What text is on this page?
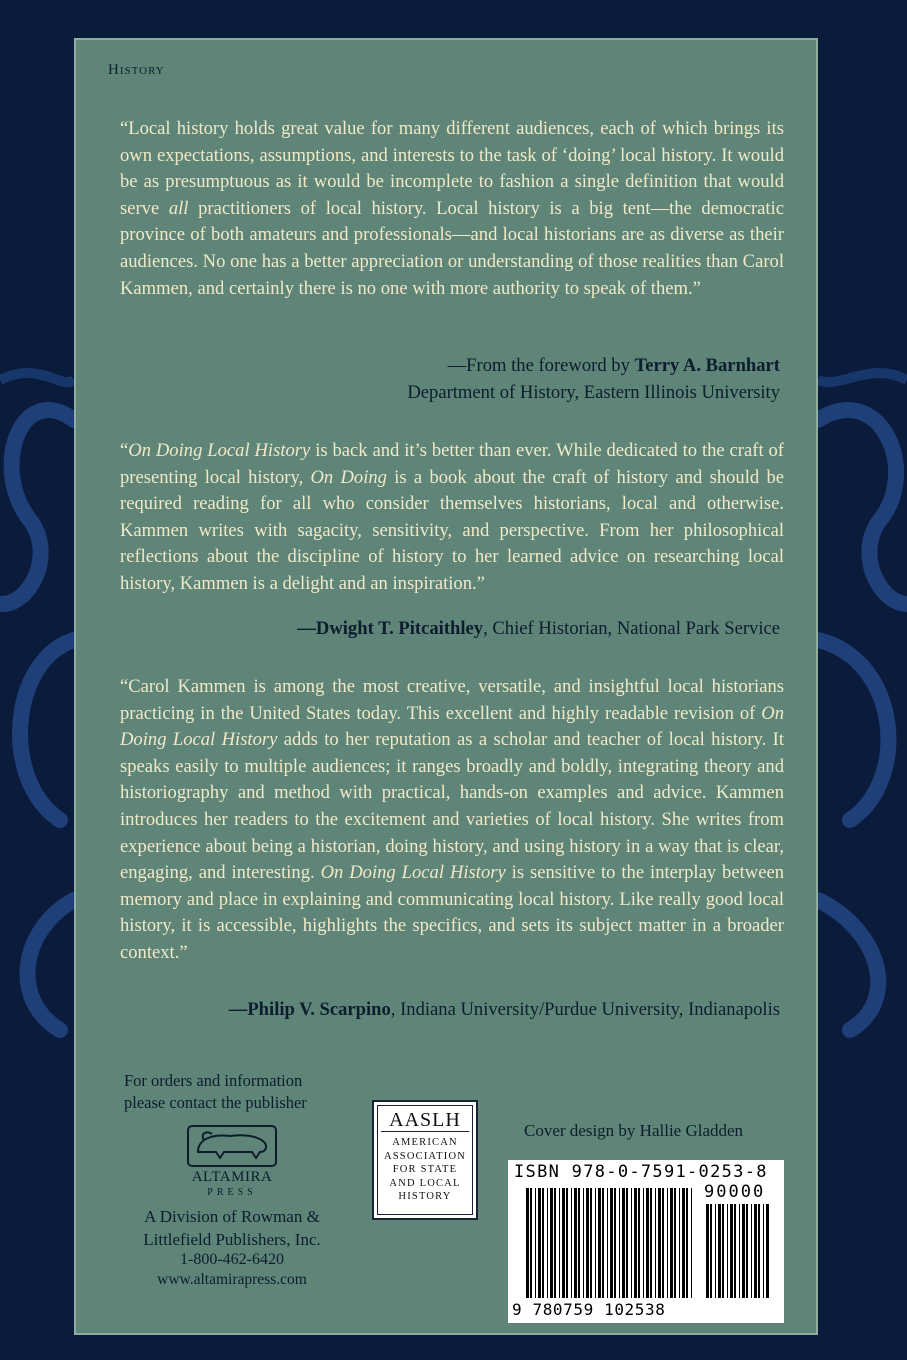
History

“Local history holds great value for many different audiences, each of which brings its own expectations, assumptions, and interests to the task of ‘doing’ local history. It would be as presumptuous as it would be incomplete to fashion a single definition that would serve all practitioners of local history. Local history is a big tent—the democratic province of both amateurs and professionals—and local historians are as diverse as their audiences. No one has a better appreciation or understanding of those realities than Carol Kammen, and certainly there is no one with more authority to speak of them.”

—From the foreword by Terry A. Barnhart
Department of History, Eastern Illinois University

“On Doing Local History is back and it’s better than ever. While dedicated to the craft of presenting local history, On Doing is a book about the craft of history and should be required reading for all who consider themselves historians, local and otherwise. Kammen writes with sagacity, sensitivity, and perspective. From her philosophical reflections about the discipline of history to her learned advice on researching local history, Kammen is a delight and an inspiration.”

—Dwight T. Pitcaithley, Chief Historian, National Park Service

“Carol Kammen is among the most creative, versatile, and insightful local historians practicing in the United States today. This excellent and highly readable revision of On Doing Local History adds to her reputation as a scholar and teacher of local history. It speaks easily to multiple audiences; it ranges broadly and boldly, integrating theory and historiography and method with practical, hands-on examples and advice. Kammen introduces her readers to the excitement and varieties of local history. She writes from experience about being a historian, doing history, and using history in a way that is clear, engaging, and interesting. On Doing Local History is sensitive to the interplay between memory and place in explaining and communicating local history. Like really good local history, it is accessible, highlights the specifics, and sets its subject matter in a broader context.”

—Philip V. Scarpino, Indiana University/Purdue University, Indianapolis
For orders and information
please contact the publisher
ALTAMIRA
PRESS
A Division of Rowman &
Littlefield Publishers, Inc.
1-800-462-6420
www.altamirapress.com
AASLH
AMERICAN
ASSOCIATION
FOR STATE
AND LOCAL
HISTORY
Cover design by Hallie Gladden
ISBN 978-0-7591-0253-8
90000
9 780759 102538
